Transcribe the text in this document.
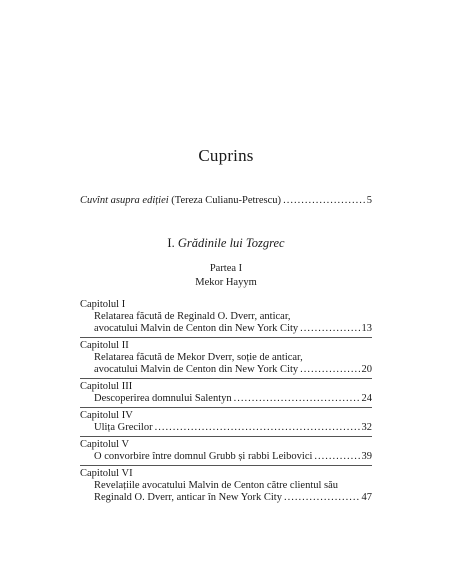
Cuprins
Cuvînt asupra ediției (Tereza Culianu-Petrescu) .....	5
I. Grădinile lui Tozgrec
Partea I
Mekor Hayym
Capitolul I
Relatarea făcută de Reginald O. Dverr, anticar,
avocatului Malvin de Centon din New York City .....	13
Capitolul II
Relatarea făcută de Mekor Dverr, soție de anticar,
avocatului Malvin de Centon din New York City .....	20
Capitolul III
Descoperirea domnului Salentyn .....	24
Capitolul IV
Ulița Grecilor .....	32
Capitolul V
O convorbire între domnul Grubb și rabbi Leibovici .....	39
Capitolul VI
Revelațiile avocatului Malvin de Centon către clientul său
Reginald O. Dverr, anticar în New York City .....	47
